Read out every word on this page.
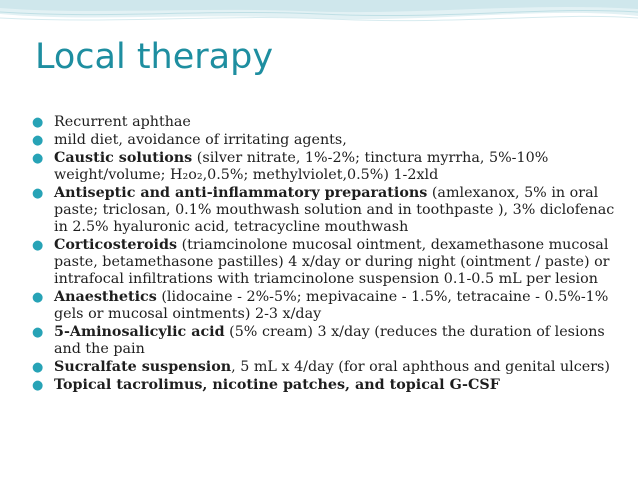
Local therapy
● Recurrent aphthae
● mild diet, avoidance of irritating agents,
● Caustic solutions (silver nitrate, 1%-2%; tinctura myrrha, 5%-10% weight/volume; H₂o₂,0.5%; methylviolet,0.5%) 1-2xld
● Antiseptic and anti-inflammatory preparations (amlexanox, 5% in oral paste; triclosan, 0.1% mouthwash solution and in toothpaste ), 3% diclofenac in 2.5% hyaluronic acid, tetracycline mouthwash
● Corticosteroids (triamcinolone mucosal ointment, dexamethasone mucosal paste, betamethasone pastilles) 4 x/day or during night (ointment / paste) or intrafocal infiltrations with triamcinolone suspension 0.1-0.5 mL per lesion
● Anaesthetics (lidocaine - 2%-5%; mepivacaine - 1.5%, tetracaine - 0.5%-1% gels or mucosal ointments) 2-3 x/day
● 5-Aminosalicylic acid (5% cream) 3 x/day (reduces the duration of lesions and the pain
● Sucralfate suspension, 5 mL x 4/day (for oral aphthous and genital ulcers)
● Topical tacrolimus, nicotine patches, and topical G-CSF
